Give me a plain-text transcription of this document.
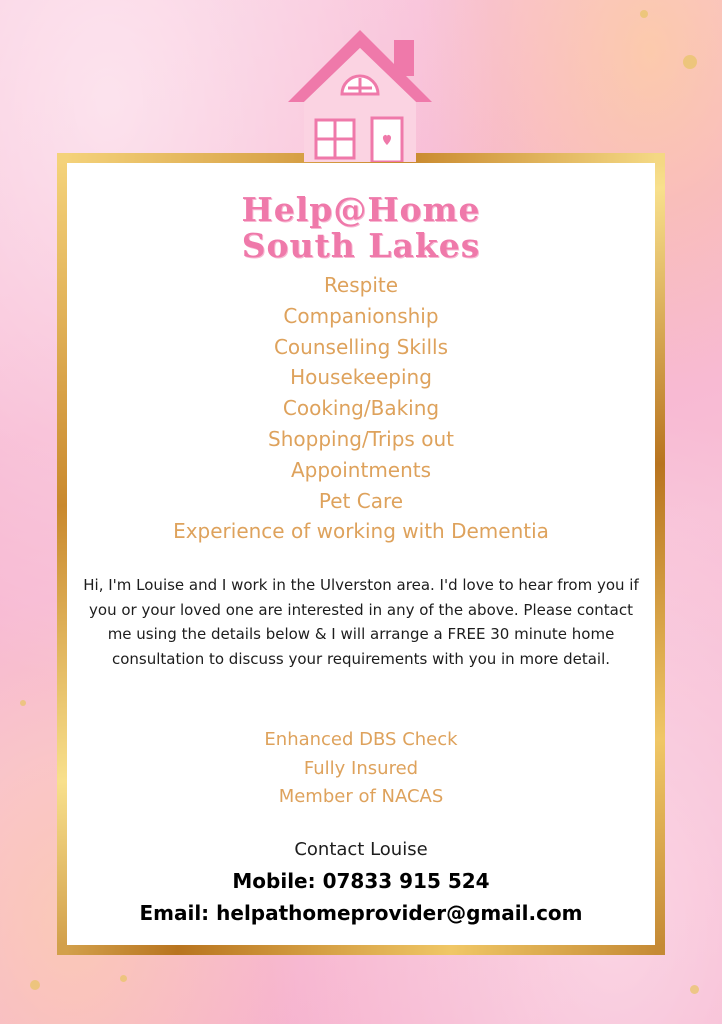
Help@Home
South Lakes
Respite
Companionship
Counselling Skills
Housekeeping
Cooking/Baking
Shopping/Trips out
Appointments
Pet Care
Experience of working with Dementia
Hi, I'm Louise and I work in the Ulverston area. I'd love to hear from you if you or your loved one are interested in any of the above. Please contact me using the details below & I will arrange a FREE 30 minute home consultation to discuss your requirements with you in more detail.
Enhanced DBS Check
Fully Insured
Member of NACAS
Contact Louise
Mobile: 07833 915 524
Email: helpathomeprovider@gmail.com
